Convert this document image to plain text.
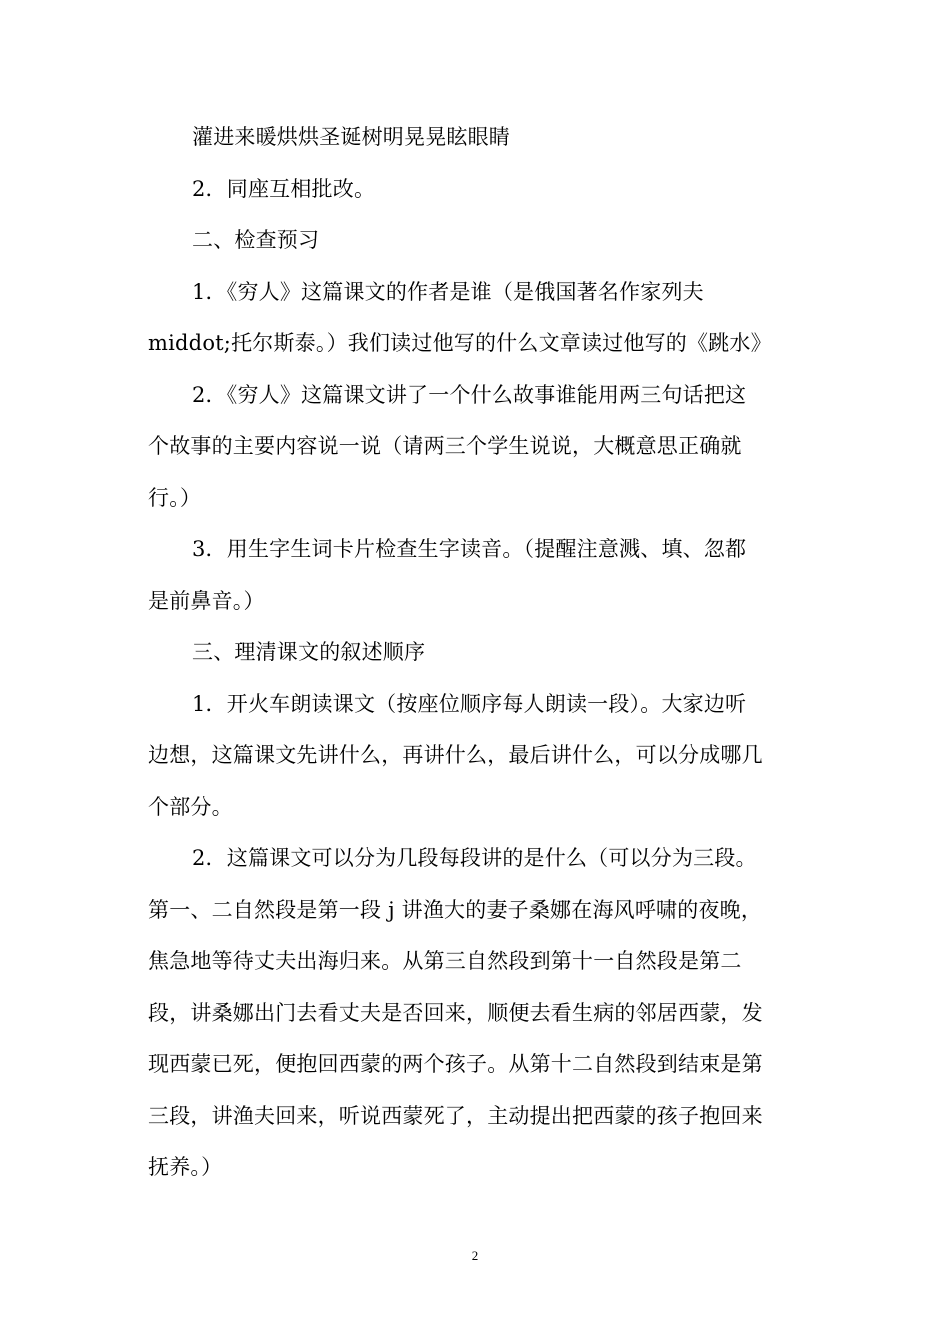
灌进来暖烘烘圣诞树明晃晃眩眼睛
2．同座互相批改。
二、检查预习
1．《穷人》这篇课文的作者是谁（是俄国著名作家列夫
middot;托尔斯泰。）我们读过他写的什么文章读过他写的《跳水》
2．《穷人》这篇课文讲了一个什么故事谁能用两三句话把这
个故事的主要内容说一说（请两三个学生说说，大概意思正确就
行。）
3．用生字生词卡片检查生字读音。（提醒注意溅、填、忽都
是前鼻音。）
三、理清课文的叙述顺序
1．开火车朗读课文（按座位顺序每人朗读一段）。大家边听
边想，这篇课文先讲什么，再讲什么，最后讲什么，可以分成哪几
个部分。
2．这篇课文可以分为几段每段讲的是什么（可以分为三段。
第一、二自然段是第一段 j 讲渔大的妻子桑娜在海风呼啸的夜晚，
焦急地等待丈夫出海归来。从第三自然段到第十一自然段是第二
段，讲桑娜出门去看丈夫是否回来，顺便去看生病的邻居西蒙，发
现西蒙已死，便抱回西蒙的两个孩子。从第十二自然段到结束是第
三段，讲渔夫回来，听说西蒙死了，主动提出把西蒙的孩子抱回来
抚养。）
2
